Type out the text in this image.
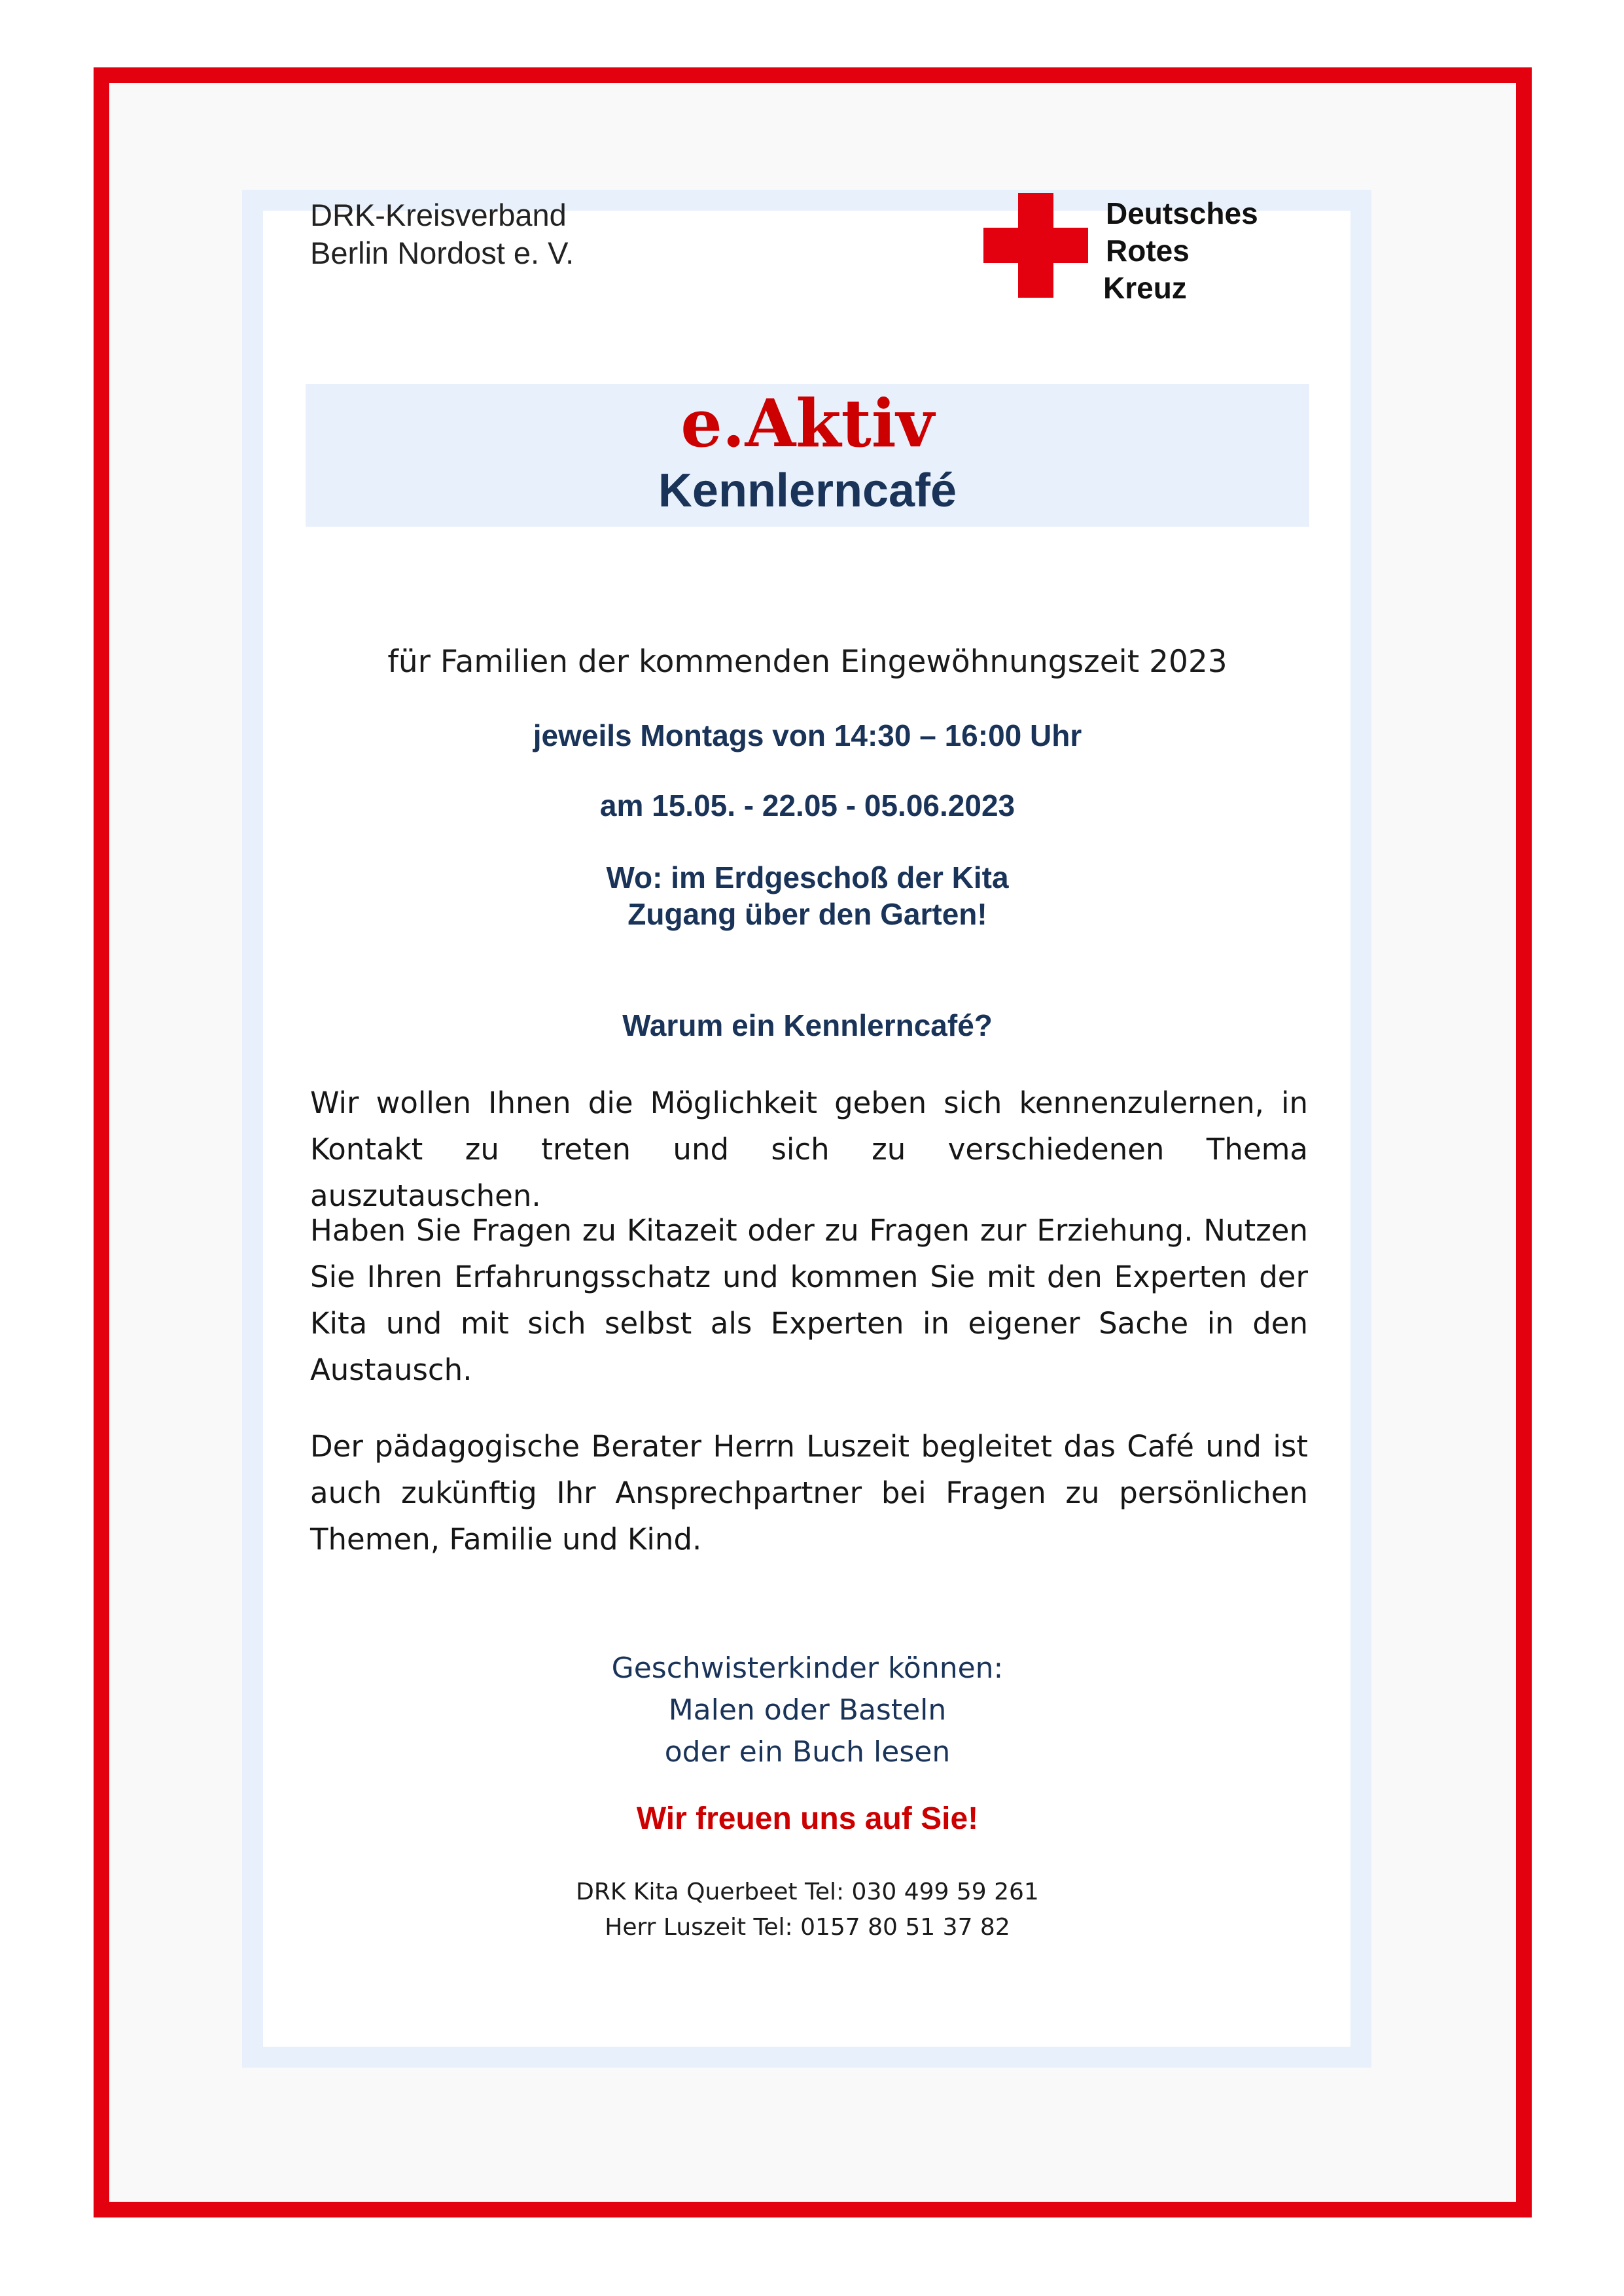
DRK-Kreisverband
Berlin Nordost e. V.
Deutsches
Rotes
Kreuz
e.Aktiv
Kennlerncafé
für Familien der kommenden Eingewöhnungszeit 2023
jeweils Montags von 14:30 – 16:00 Uhr
am 15.05. - 22.05 - 05.06.2023
Wo: im Erdgeschoß der Kita
Zugang über den Garten!
Warum ein Kennlerncafé?

Wir wollen Ihnen die Möglichkeit geben sich kennenzulernen, in Kontakt zu treten und sich zu verschiedenen Thema auszutauschen.

Haben Sie Fragen zu Kitazeit oder zu Fragen zur Erziehung. Nutzen Sie Ihren Erfahrungsschatz und kommen Sie mit den Experten der Kita und mit sich selbst als Experten in eigener Sache in den Austausch.

Der pädagogische Berater Herrn Luszeit begleitet das Café und ist auch zukünftig Ihr Ansprechpartner bei Fragen zu persönlichen Themen, Familie und Kind.

Geschwisterkinder können:
Malen oder Basteln
oder ein Buch lesen
Wir freuen uns auf Sie!
DRK Kita Querbeet Tel: 030 499 59 261
Herr Luszeit Tel: 0157 80 51 37 82
